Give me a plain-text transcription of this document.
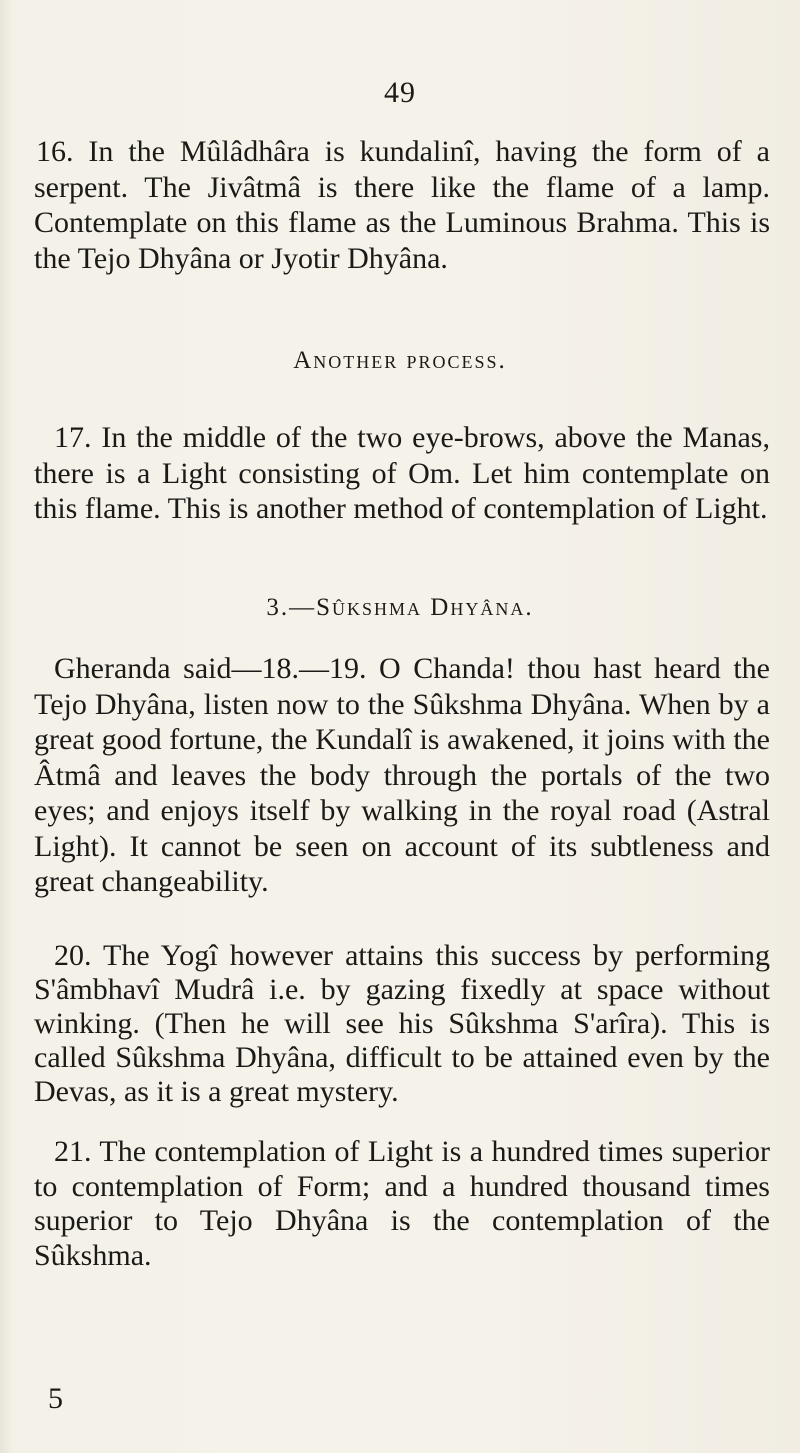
49

16. In the Mûlâdhâra is kundalinî, having the form of a serpent. The Jivâtmâ is there like the flame of a lamp. Contemplate on this flame as the Luminous Brahma. This is the Tejo Dhyâna or Jyotir Dhyâna.

Another process.

17. In the middle of the two eye-brows, above the Manas, there is a Light consisting of Om. Let him contemplate on this flame. This is another method of contemplation of Light.

3.—Sûkshma Dhyâna.

Gheranda said—18.—19. O Chanda! thou hast heard the Tejo Dhyâna, listen now to the Sûkshma Dhyâna. When by a great good fortune, the Kundalî is awakened, it joins with the Âtmâ and leaves the body through the portals of the two eyes; and enjoys itself by walking in the royal road (Astral Light). It cannot be seen on account of its subtleness and great changeability.

20. The Yogî however attains this success by performing S'âmbhavî Mudrâ i.e. by gazing fixedly at space without winking. (Then he will see his Sûkshma S'arîra). This is called Sûkshma Dhyâna, difficult to be attained even by the Devas, as it is a great mystery.

21. The contemplation of Light is a hundred times superior to contemplation of Form; and a hundred thousand times superior to Tejo Dhyâna is the contemplation of the Sûkshma.

5
